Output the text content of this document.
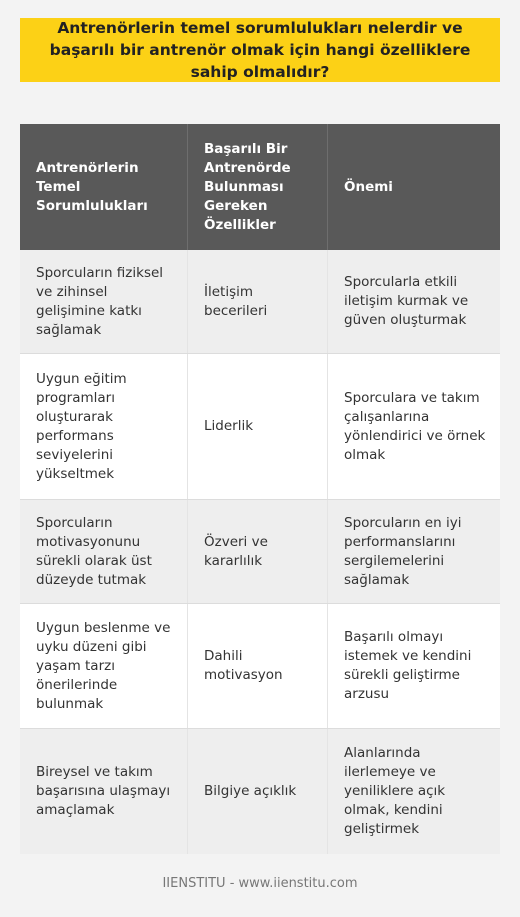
Antrenörlerin temel sorumlulukları nelerdir ve başarılı bir antrenör olmak için hangi özelliklere sahip olmalıdır?
Antrenörlerin Temel Sorumlulukları
Başarılı Bir Antrenörde Bulunması Gereken Özellikler
Önemi
Sporcuların fiziksel ve zihinsel gelişimine katkı sağlamak
İletişim becerileri
Sporcularla etkili iletişim kurmak ve güven oluşturmak
Uygun eğitim programları oluşturarak performans seviyelerini yükseltmek
Liderlik
Sporculara ve takım çalışanlarına yönlendirici ve örnek olmak
Sporcuların motivasyonunu sürekli olarak üst düzeyde tutmak
Özveri ve kararlılık
Sporcuların en iyi performanslarını sergilemelerini sağlamak
Uygun beslenme ve uyku düzeni gibi yaşam tarzı önerilerinde bulunmak
Dahili motivasyon
Başarılı olmayı istemek ve kendini sürekli geliştirme arzusu
Bireysel ve takım başarısına ulaşmayı amaçlamak
Bilgiye açıklık
Alanlarında ilerlemeye ve yeniliklere açık olmak, kendini geliştirmek
IIENSTITU - www.iienstitu.com
